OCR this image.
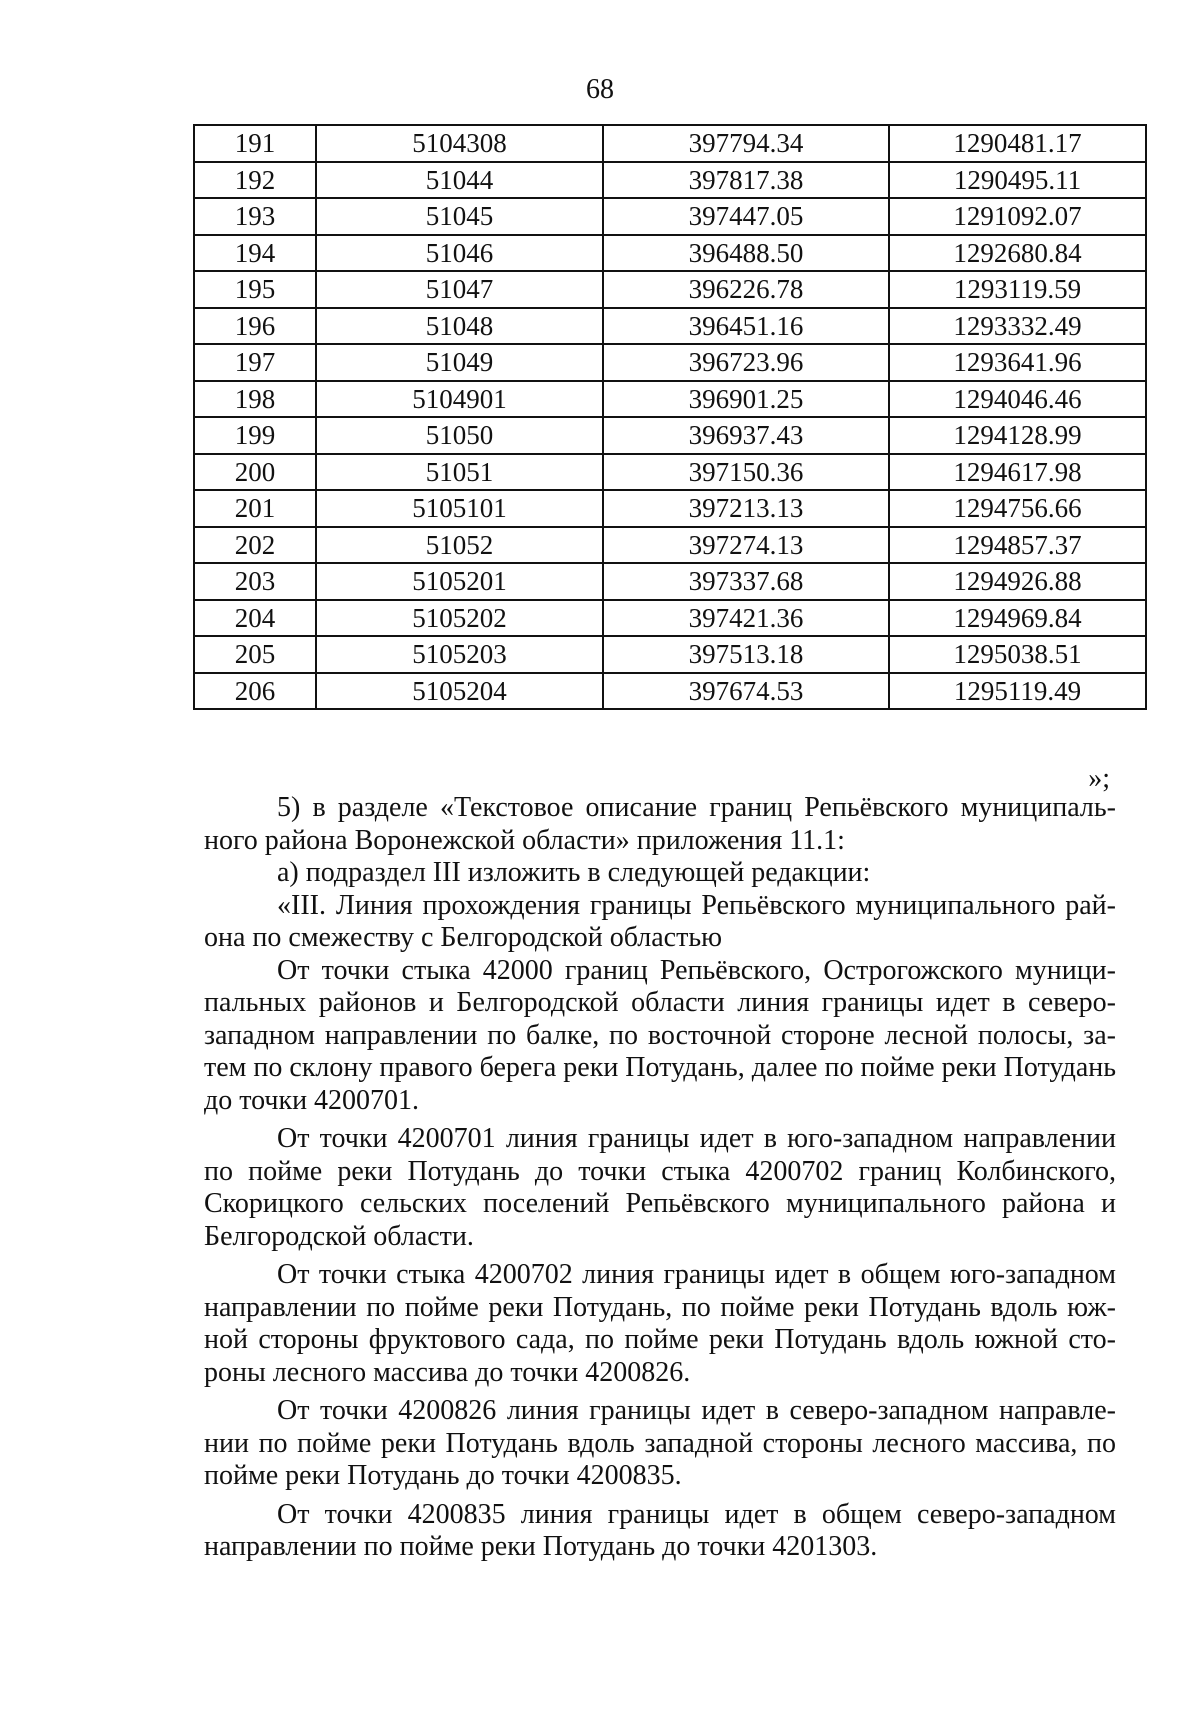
68
191	5104308	397794.34	1290481.17
192	51044	397817.38	1290495.11
193	51045	397447.05	1291092.07
194	51046	396488.50	1292680.84
195	51047	396226.78	1293119.59
196	51048	396451.16	1293332.49
197	51049	396723.96	1293641.96
198	5104901	396901.25	1294046.46
199	51050	396937.43	1294128.99
200	51051	397150.36	1294617.98
201	5105101	397213.13	1294756.66
202	51052	397274.13	1294857.37
203	5105201	397337.68	1294926.88
204	5105202	397421.36	1294969.84
205	5105203	397513.18	1295038.51
206	5105204	397674.53	1295119.49
»;

5) в разделе «Текстовое описание границ Репьёвского муниципального района Воронежской области» приложения 11.1:

а) подраздел III изложить в следующей редакции:

«III. Линия прохождения границы Репьёвского муниципального района по смежеству с Белгородской областью

От точки стыка 42000 границ Репьёвского, Острогожского муниципальных районов и Белгородской области линия границы идет в северо-западном направлении по балке, по восточной стороне лесной полосы, затем по склону правого берега реки Потудань, далее по пойме реки Потудань до точки 4200701.

От точки 4200701 линия границы идет в юго-западном направлении по пойме реки Потудань до точки стыка 4200702 границ Колбинского, Скорицкого сельских поселений Репьёвского муниципального района и Белгородской области.

От точки стыка 4200702 линия границы идет в общем юго-западном направлении по пойме реки Потудань, по пойме реки Потудань вдоль южной стороны фруктового сада, по пойме реки Потудань вдоль южной стороны лесного массива до точки 4200826.

От точки 4200826 линия границы идет в северо-западном направлении по пойме реки Потудань вдоль западной стороны лесного массива, по пойме реки Потудань до точки 4200835.

От точки 4200835 линия границы идет в общем северо-западном направлении по пойме реки Потудань до точки 4201303.
